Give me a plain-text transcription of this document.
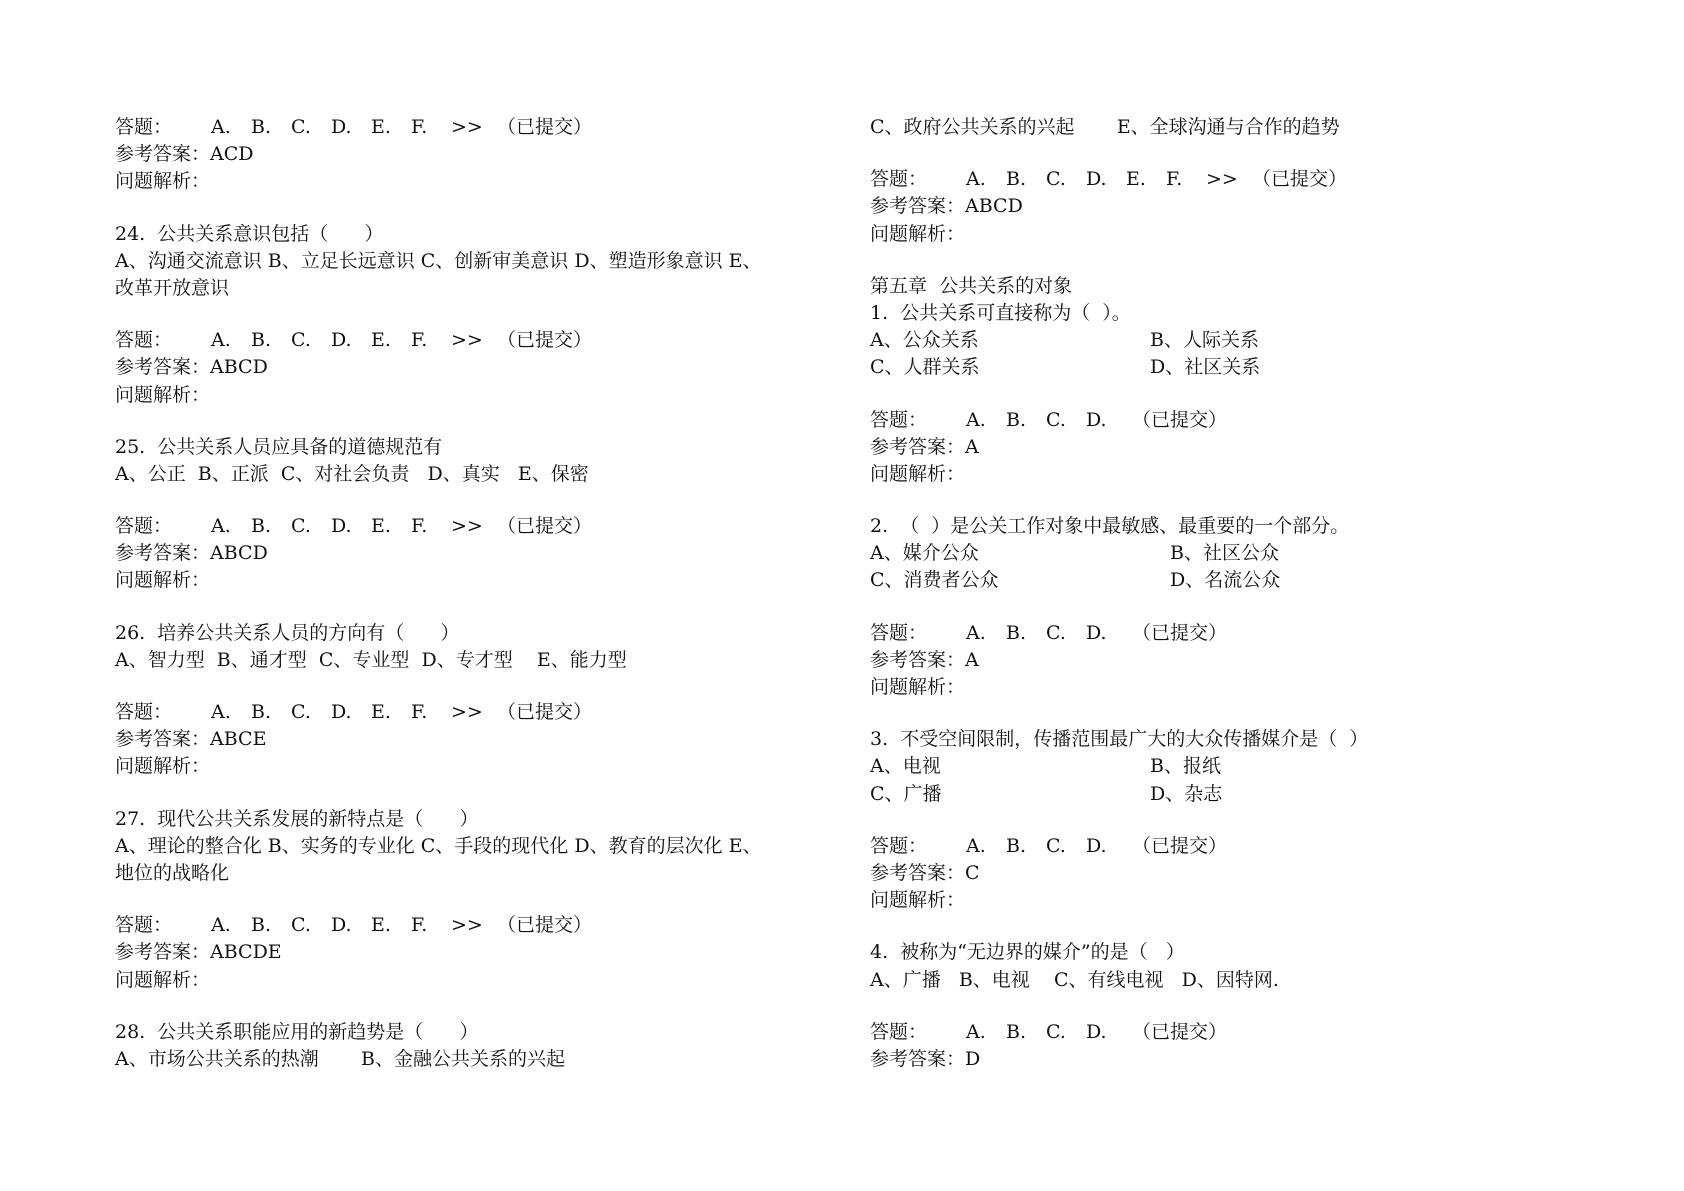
答题：	A.	B.	C.	D.	E.	F.	>> （已提交）
参考答案：ACD
问题解析：
24.  公共关系意识包括（      ）
A、沟通交流意识 B、立足长远意识 C、创新审美意识 D、塑造形象意识 E、
改革开放意识
答题：	A.	B.	C.	D.	E.	F.	>> （已提交）
参考答案：ABCD
问题解析：
25.  公共关系人员应具备的道德规范有
A、公正  B、正派  C、对社会负责   D、真实   E、保密
答题：	A.	B.	C.	D.	E.	F.	>> （已提交）
参考答案：ABCD
问题解析：
26.  培养公共关系人员的方向有（      ）
A、智力型  B、通才型  C、专业型  D、专才型    E、能力型
答题：	A.	B.	C.	D.	E.	F.	>> （已提交）
参考答案：ABCE
问题解析：
27.  现代公共关系发展的新特点是（      ）
A、理论的整合化 B、实务的专业化 C、手段的现代化 D、教育的层次化 E、
地位的战略化
答题：	A.	B.	C.	D.	E.	F.	>> （已提交）
参考答案：ABCDE
问题解析：
28.  公共关系职能应用的新趋势是（      ）
A、市场公共关系的热潮       B、金融公共关系的兴起
C、政府公共关系的兴起       E、全球沟通与合作的趋势
答题：	A.	B.	C.	D.	E.	F.	>> （已提交）
参考答案：ABCD
问题解析：
第五章  公共关系的对象
1.  公共关系可直接称为（  ）。
A、公众关系	B、人际关系
C、人群关系	D、社区关系
答题：	A.	B.	C.	D.	（已提交）
参考答案：A
问题解析：
2.  （  ）是公关工作对象中最敏感、最重要的一个部分。
A、媒介公众	B、社区公众
C、消费者公众	D、名流公众
答题：	A.	B.	C.	D.	（已提交）
参考答案：A
问题解析：
3.  不受空间限制，传播范围最广大的大众传播媒介是（  ）
A、电视	B、报纸
C、广播	D、杂志
答题：	A.	B.	C.	D.	（已提交）
参考答案：C
问题解析：
4.  被称为“无边界的媒介”的是（   ）
A、广播   B、电视    C、有线电视   D、因特网.
答题：	A.	B.	C.	D.	（已提交）
参考答案：D
